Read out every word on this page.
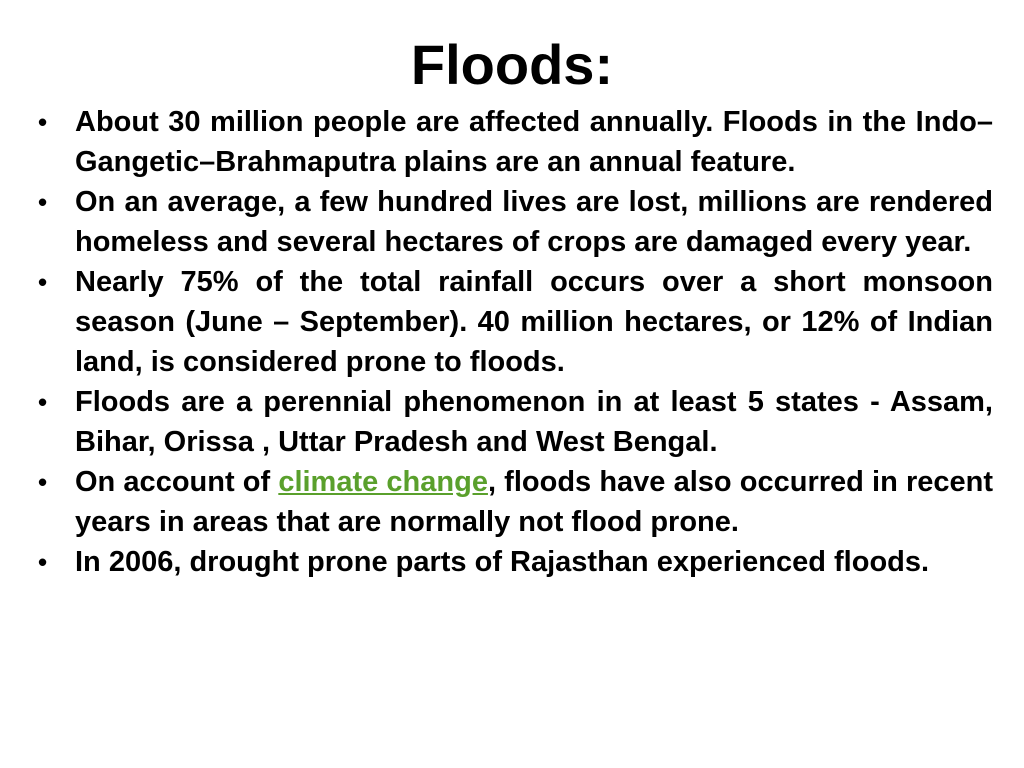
Floods:
• About 30 million people are affected annually. Floods in the Indo–Gangetic–Brahmaputra plains are an annual feature.
• On an average, a few hundred lives are lost, millions are rendered homeless and several hectares of crops are damaged every year.
• Nearly 75% of the total rainfall occurs over a short monsoon season (June – September). 40 million hectares, or 12% of Indian land, is considered prone to floods.
• Floods are a perennial phenomenon in at least 5 states - Assam, Bihar, Orissa , Uttar Pradesh and West Bengal.
• On account of climate change, floods have also occurred in recent years in areas that are normally not flood prone.
• In 2006, drought prone parts of Rajasthan experienced floods.
